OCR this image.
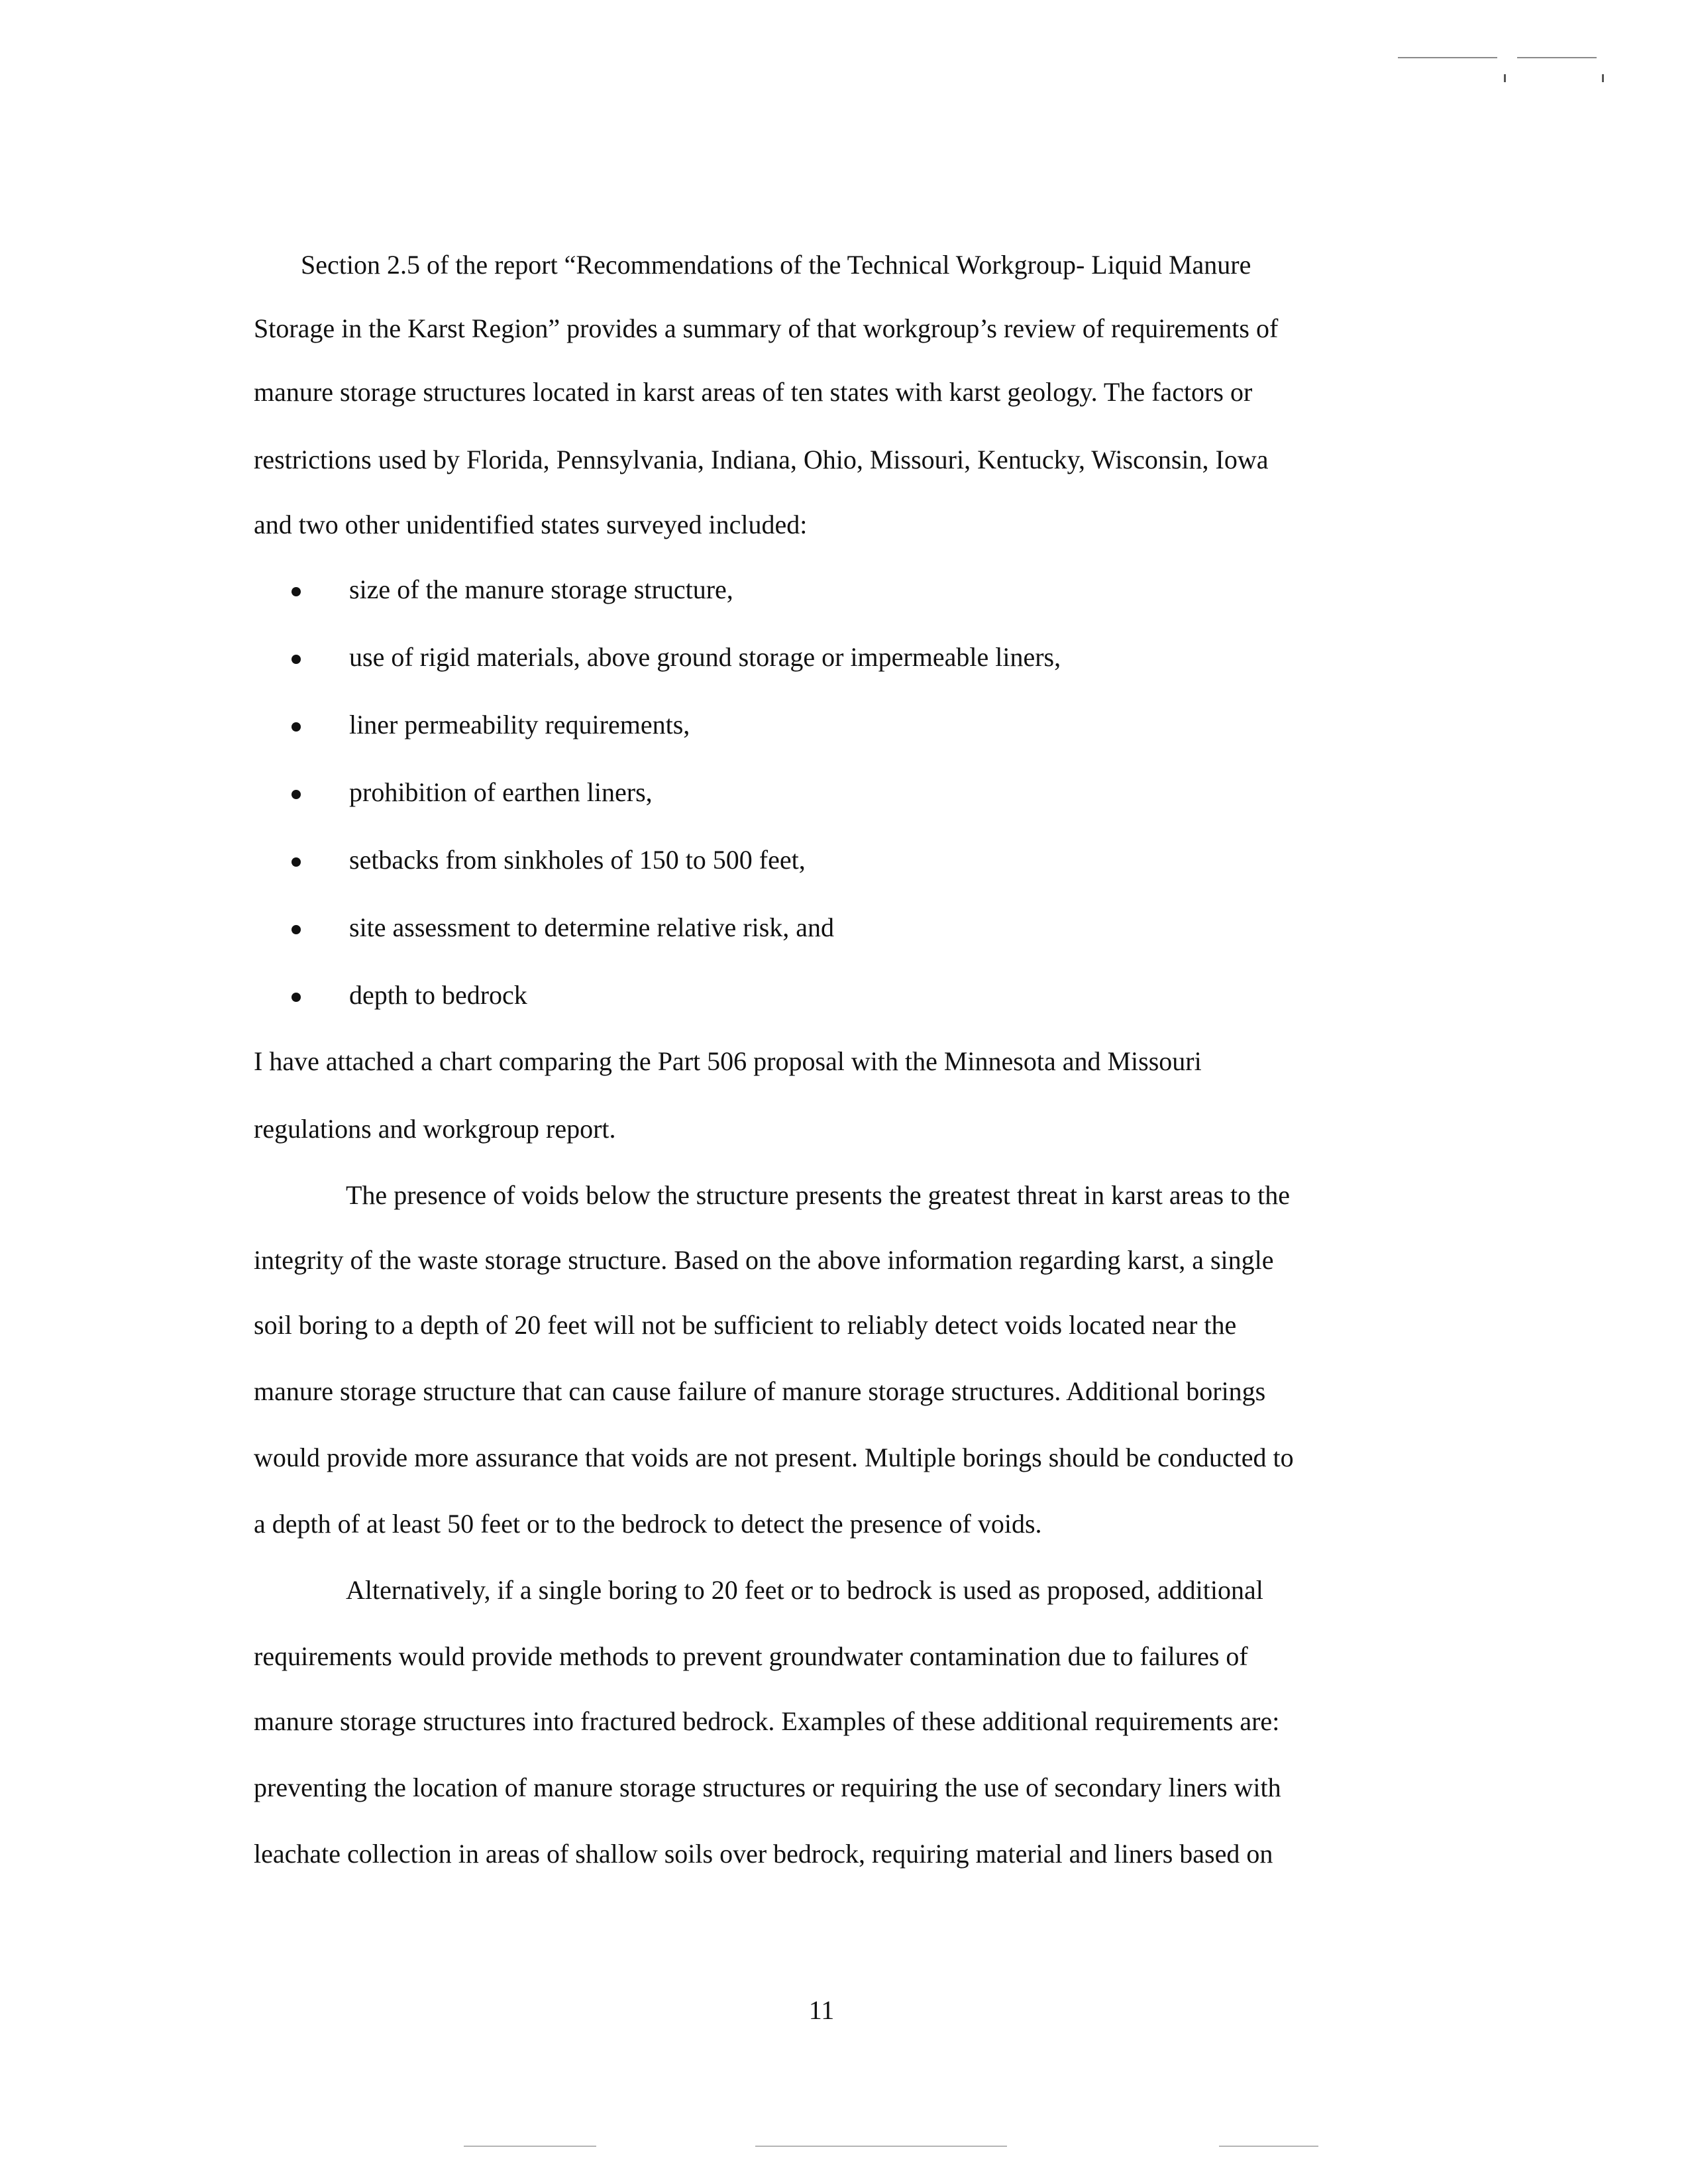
Section 2.5 of the report “Recommendations of the Technical Workgroup- Liquid Manure

Storage in the Karst Region” provides a summary of that workgroup’s review of requirements of

manure storage structures located in karst areas of ten states with karst geology. The factors or

restrictions used by Florida, Pennsylvania, Indiana, Ohio, Missouri, Kentucky, Wisconsin, Iowa

and two other unidentified states surveyed included:

size of the manure storage structure,
use of rigid materials, above ground storage or impermeable liners,
liner permeability requirements,
prohibition of earthen liners,
setbacks from sinkholes of 150 to 500 feet,
site assessment to determine relative risk, and
depth to bedrock

I have attached a chart comparing the Part 506 proposal with the Minnesota and Missouri

regulations and workgroup report.

The presence of voids below the structure presents the greatest threat in karst areas to the

integrity of the waste storage structure. Based on the above information regarding karst, a single

soil boring to a depth of 20 feet will not be sufficient to reliably detect voids located near the

manure storage structure that can cause failure of manure storage structures. Additional borings

would provide more assurance that voids are not present. Multiple borings should be conducted to

a depth of at least 50 feet or to the bedrock to detect the presence of voids.

Alternatively, if a single boring to 20 feet or to bedrock is used as proposed, additional

requirements would provide methods to prevent groundwater contamination due to failures of

manure storage structures into fractured bedrock. Examples of these additional requirements are:

preventing the location of manure storage structures or requiring the use of secondary liners with

leachate collection in areas of shallow soils over bedrock, requiring material and liners based on

11
